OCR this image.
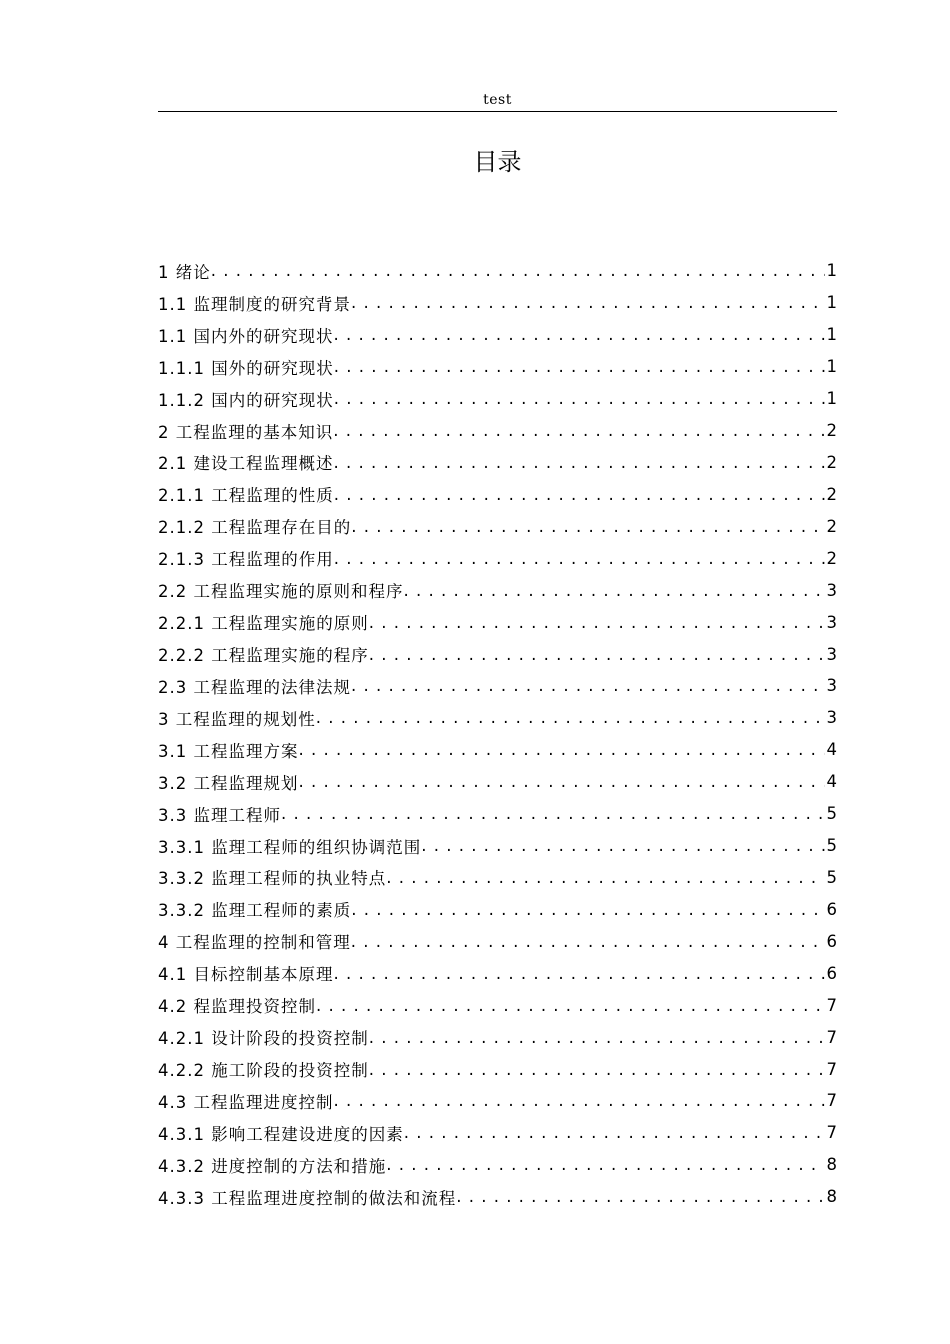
test
目录
1 绪论 . . .	1
1.1 监理制度的研究背景 . . .	1
1.1 国内外的研究现状 . . .	1
1.1.1 国外的研究现状 . . .	1
1.1.2 国内的研究现状 . . .	1
2 工程监理的基本知识 . . .	2
2.1 建设工程监理概述 . . .	2
2.1.1 工程监理的性质 . . .	2
2.1.2 工程监理存在目的 . . .	2
2.1.3 工程监理的作用 . . .	2
2.2 工程监理实施的原则和程序 . . .	3
2.2.1 工程监理实施的原则 . . .	3
2.2.2 工程监理实施的程序 . . .	3
2.3 工程监理的法律法规 . . .	3
3 工程监理的规划性 . . .	3
3.1 工程监理方案 . . .	4
3.2 工程监理规划 . . .	4
3.3 监理工程师 . . .	5
3.3.1 监理工程师的组织协调范围 . . .	5
3.3.2 监理工程师的执业特点 . . .	5
3.3.2 监理工程师的素质 . . .	6
4 工程监理的控制和管理 . . .	6
4.1 目标控制基本原理 . . .	6
4.2 程监理投资控制 . . .	7
4.2.1 设计阶段的投资控制 . . .	7
4.2.2 施工阶段的投资控制 . . .	7
4.3 工程监理进度控制 . . .	7
4.3.1 影响工程建设进度的因素 . . .	7
4.3.2 进度控制的方法和措施 . . .	8
4.3.3 工程监理进度控制的做法和流程 . . .	8
